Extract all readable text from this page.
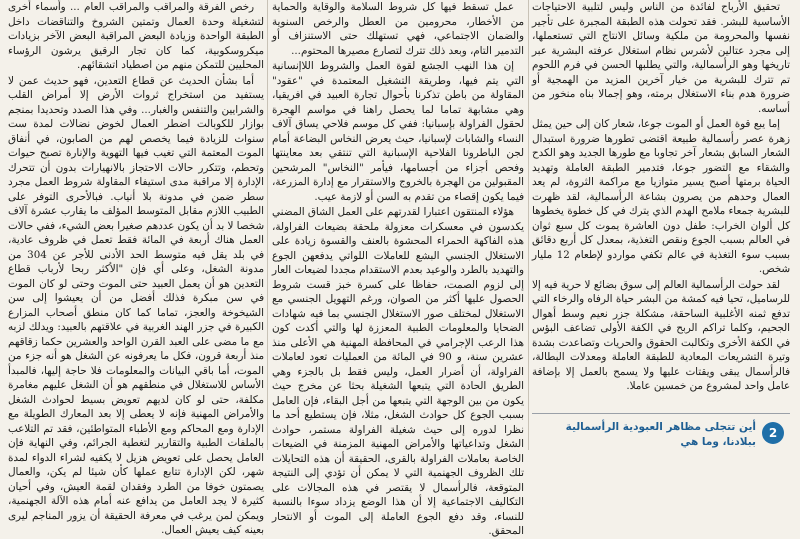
تحقيق الأرباح لفائدة من الناس وليس لتلبية الاحتياجات الأساسية للبشر. فقد تحولت هذه الطبقة المجبرة على تأجير نفسها والمحرومة من ملكية وسائل الانتاج التي تستعملها، إلى مجرد عتالين لأشرس نظام استغلال عرفته البشرية عبر تاريخها وهو الرأسمالية، والتي يطلبها الحسن في فرم اللحوم تم تترك للبشرية من خيار آخرين المزيد من الهمجية أو ضرورة هدم بناء الاستغلال برمته، وهو إجمالا بناه منخور من أساسه.

إما يبع قوة العمل أو الموت جوعا، شعار كان إلى حين يمثل زهرة عصر رأسمالية طبيعة اقتضى تطورها ضرورة استبدال الشعار السابق بشعار آخر تجاوبا مع طورها الجديد وهو الكدح والشقاء مع التضور جوعا، فتدمير الطبقة العاملة وتهديد الحياة برمتها أصبح يسير متوازيا مع مراكمة الثروة، لم يعد العمال وحدهم من يصرون بشاعة الرأسمالية، لقد ظهرت للبشرية جمعاء ملامح الهدم الذي يترك في كل خطوة يخطوها كل ألوان الخراب: طفل دون العاشرة يموت كل سبع ثوان في العالم بسبب الجوع ونقص التغذية، بمعدل كل أربع دقائق بسبب سوء التغذية في عالم تكفي مواردو لإطعام 12 مليار شخص.

لقد حولت الرأسمالية العالم إلى سوق بضائع لا حرية فيه إلا للرساميل، تحيا فيه كمشة من البشر حياة الرفاه والرخاء التي تدفع ثمنه الأغلبية الساحقة، مشكلة جزر نعيم وسط أهوال الجحيم، وكلما تراكم الربح في الكفة الأولى تضاعف البؤس في الكفة الأخرى وتكالبت الحقوق والحريات وتصاعدت بشدة وتيرة التشريعات المعادية للطبقة العاملة ومعدلات البطالة، فالرأسمال يبقى ويقتات عليها ولا يسمح بالعمل إلا بإضافة عامل واحد لمشروع من خمسين عاملا.

عمل تسقط فيها كل شروط السلامة والوقاية والحماية من الأخطار، محرومين من العطل والرخص السنوية والضمان الاجتماعي، فهي تستهلك حتى الاستنزاف أو التدمير التام، وبعد ذلك تترك لتصارع مصيرها المحتوم...

إن هذا النهب الجشع لقوة العمل والشروط اللاإنسانية التي يتم فيها، وطريقة التشغيل المعتمدة في "عقود" المقاولة من باطن تذكرنا بأحوال تجارة العبيد في افريقيا، وهي مشابهة تماما لما يحصل راهنا في مواسم الهجرة لحقول الفراولة بإسبانيا: ففي كل موسم فلاحي يساق آلاف النساء والشابات لإسبانيا، حيث يعرض النخاس البضاعة أمام لجن الباطرونا الفلاحية الإسبانية التي تنتقي بعد معاينتها وفحص أجزاء من أجسامها، فيأمر "النخاس" المرشحين المقبولين من الهجرة بالخروج والاستقرار مع إدارة المزرعة، فيما يكون إقصاء من تقدم به السن أو لازمة عيب.

هؤلاء المنتقون اعتبارا لقدرتهم على العمل الشاق المضني يكدسون في معسكرات معزولة ملحقة بضيعات الفراولة، هذه الفاكهة الحمراء المحشوة بالعنف والقسوة زيادة على الاستغلال الجنسي البشع للعاملات اللواتي يدفعهن الجوع والتهديد بالطرد والوعيد بعدم الاستقدام مجددا لضيعات العار إلى لزوم الصمت، حفاظا على كسرة خبز قست شروط الحصول عليها أكثر من الصوان، ورغم التهويل الجنسي مع الاستغلال لمختلف صور الاستغلال الجنسي بما فيه شهادات الضحايا والمعلومات الطبية المعززة لها والتي أكدت كون هذا الرعب الإجرامي في المحافظة المهنية هي الأعلى منذ عشرين سنة، و 90 في المائة من العمليات تعود لعاملات الفراولة، أن أضرار العمل، وليس فقط بل بالجزء وهي الطريق الحادة التي يتبعها الشغيلة بحثا عن مخرج حيث يكون من بين الوجهة التي يتبعها من أجل البقاء، فإن العامل بسبب الجوع كل حوادث الشغل، مثلا، فإن يستطيع أحد ما نظرا لدوره إلى حيث شغيلة الفراولة مستمر، حوادث الشغل وتداعياتها والأمراض المهنية المزمنة في الضيعات الخاصة بعاملات الفراولة بالقرى، الحقيقة أن هذه التحايلات تلك الظروف الجهنمية التي لا يمكن أن تؤدي إلى النتيجة المتوقعة، فالرأسمال لا يقتصر في هذه المجالات على التكاليف الاجتماعية إلا أن هذا الوضع يزداد سوءا بالنسبة للنساء، وقد دفع الجوع العاملة إلى الموت أو الانتحار المحقق.

رخص الفرقة والمراقب والمراقب العام ... وأسماء أخرى لتشغيلة وحدة العمال وتمتين الشروخ والتناقضات داخل الطبقة الواحدة وزيادة البعض المراقبة البعض الآخر بزيادات ميكروسكوبية، كما كان تجار الرقيق يرشون الرؤساء المحليين للتمكن منهم من اصطياد اتشقائهم.

أما بشأن الحديث عن قطاع التعدين، فهو حديث عمن لا يستفيد من استخراج ثروات الأرض إلا أمراض القلب والشرايين والتنفس والغبار... وفي هذا الصدد وتحديدا بمنجم بوازار للكوبالت اضطر العمال لخوض نضالات لمدة ست سنوات للزيادة فيما يخصص لهم من الصابون، في أنفاق الموت المعتمة التي تغيب فيها التهوية والإنارة تصبح حيوات وتحطم، وتتكرر حالات الاحتجاز بالانهيارات بدون أن تتحرك الإدارة إلا مراقبة مدى استيفاء المقاولة شروط العمل مجرد سطر ضمن في مدونة بلا أنياب. فبالأحرى التوفر على الطبيب اللازم مقابل المتوسط المؤلف ما يقارب عشرة آلاف شخصا لا بد أن يكون عددهم صغيرا بعض الشيء، ففي حالات العمل هناك أربعة في المائة فقط تعمل في ظروف عادية، في بلد يقل فيه متوسط الحد الأدنى للأجر عن 304 من مدونة الشغل، وعلى أي فإن "الأكثر ربحا لأرباب قطاع التعدين هو أن يعمل العبيد حتى الموت وحتى لو كان الموت في سن مبكرة فذلك أفضل من أن يعيشوا إلى سن الشيخوخة والعجز، تماما كما كان منطق أصحاب المزارع الكبيرة في جزر الهند الغربية في علاقتهم بالعبيد: ويدلك لزبه مع ما مضى على العبد القرن الواحد والعشرين حكما زقاقهم منذ أربعة قرون، فكل ما يعرفونه عن الشغل هو أنه جزء من الموت، أما باقي البيانات والمعلومات فلا حاجة إليها، فالمبدأ الأساس للاستغلال في منطقهم هو أن الشغل عليهم مغامرة مكلفة، حتى لو كان لديهم تعويض بسيط لحوادث الشغل والأمراض المهنية فإنه لا يعطى إلا بعد المعارك الطويلة مع الإدارة ومع المحاكم ومع الأطباء المتواطئين، فقد تم التلاعب بالملفات الطبية والتقارير لتغطية الجرائم، وفي النهاية فإن العامل يحصل على تعويض هزيل لا يكفيه لشراء الدواء لمدة شهر، لكن الإدارة تتابع عملها كأن شيئا لم يكن، والعمال يصمتون خوفا من الطرد وفقدان لقمة العيش، وفي أحيان كثيرة لا يجد العامل من يدافع عنه أمام هذه الآلة الجهنمية، ويمكن لمن يرغب في معرفة الحقيقة أن يزور المناجم ليرى بعينه كيف يعيش العمال.

2
أين تتجلى مظاهر العبودية الرأسمالية ببلادنا، وما هي
